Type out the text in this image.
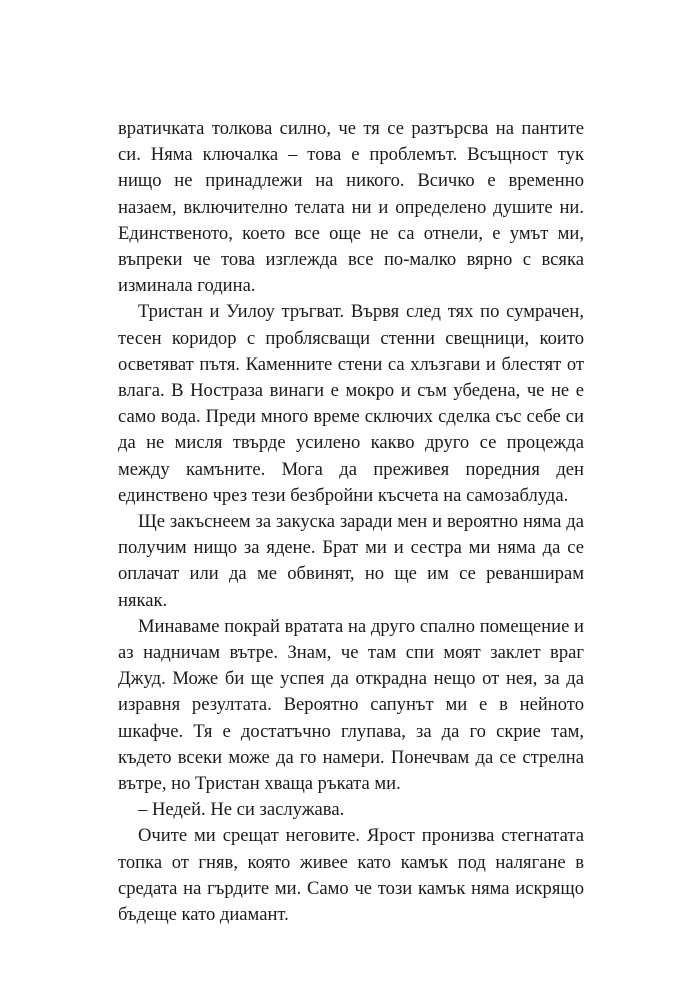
вратичката толкова силно, че тя се разтърсва на пантите си. Няма ключалка – това е проблемът. Всъщност тук нищо не принадлежи на никого. Всичко е временно назаем, включително телата ни и определено душите ни. Единственото, което все още не са отнели, е умът ми, въпреки че това изглежда все по-малко вярно с всяка изминала година.

Тристан и Уилоу тръгват. Вървя след тях по сумрачен, тесен коридор с проблясващи стенни свещници, които осветяват пътя. Каменните стени са хлъзгави и блестят от влага. В Нострaза винаги е мокро и съм убедена, че не е само вода. Преди много време сключих сделка със себе си да не мисля твърде усилено какво друго се процежда между камъните. Мога да преживея поредния ден единствено чрез тези безбройни късчета на самозаблуда.

Ще закъснеем за закуска заради мен и вероятно няма да получим нищо за ядене. Брат ми и сестра ми няма да се оплачат или да ме обвинят, но ще им се реванширам някак.

Минаваме покрай вратата на друго спално помещение и аз надничам вътре. Знам, че там спи моят заклет враг Джуд. Може би ще успея да открадна нещо от нея, за да изравня резултата. Вероятно сапунът ми е в нейното шкафче. Тя е достатъчно глупава, за да го скрие там, където всеки може да го намери. Понечвам да се стрелна вътре, но Тристан хваща ръката ми.

– Недей. Не си заслужава.

Очите ми срещат неговите. Ярост пронизва стегнатата топка от гняв, която живее като камък под налягане в средата на гърдите ми. Само че този камък няма искрящо бъдеще като диамант.
